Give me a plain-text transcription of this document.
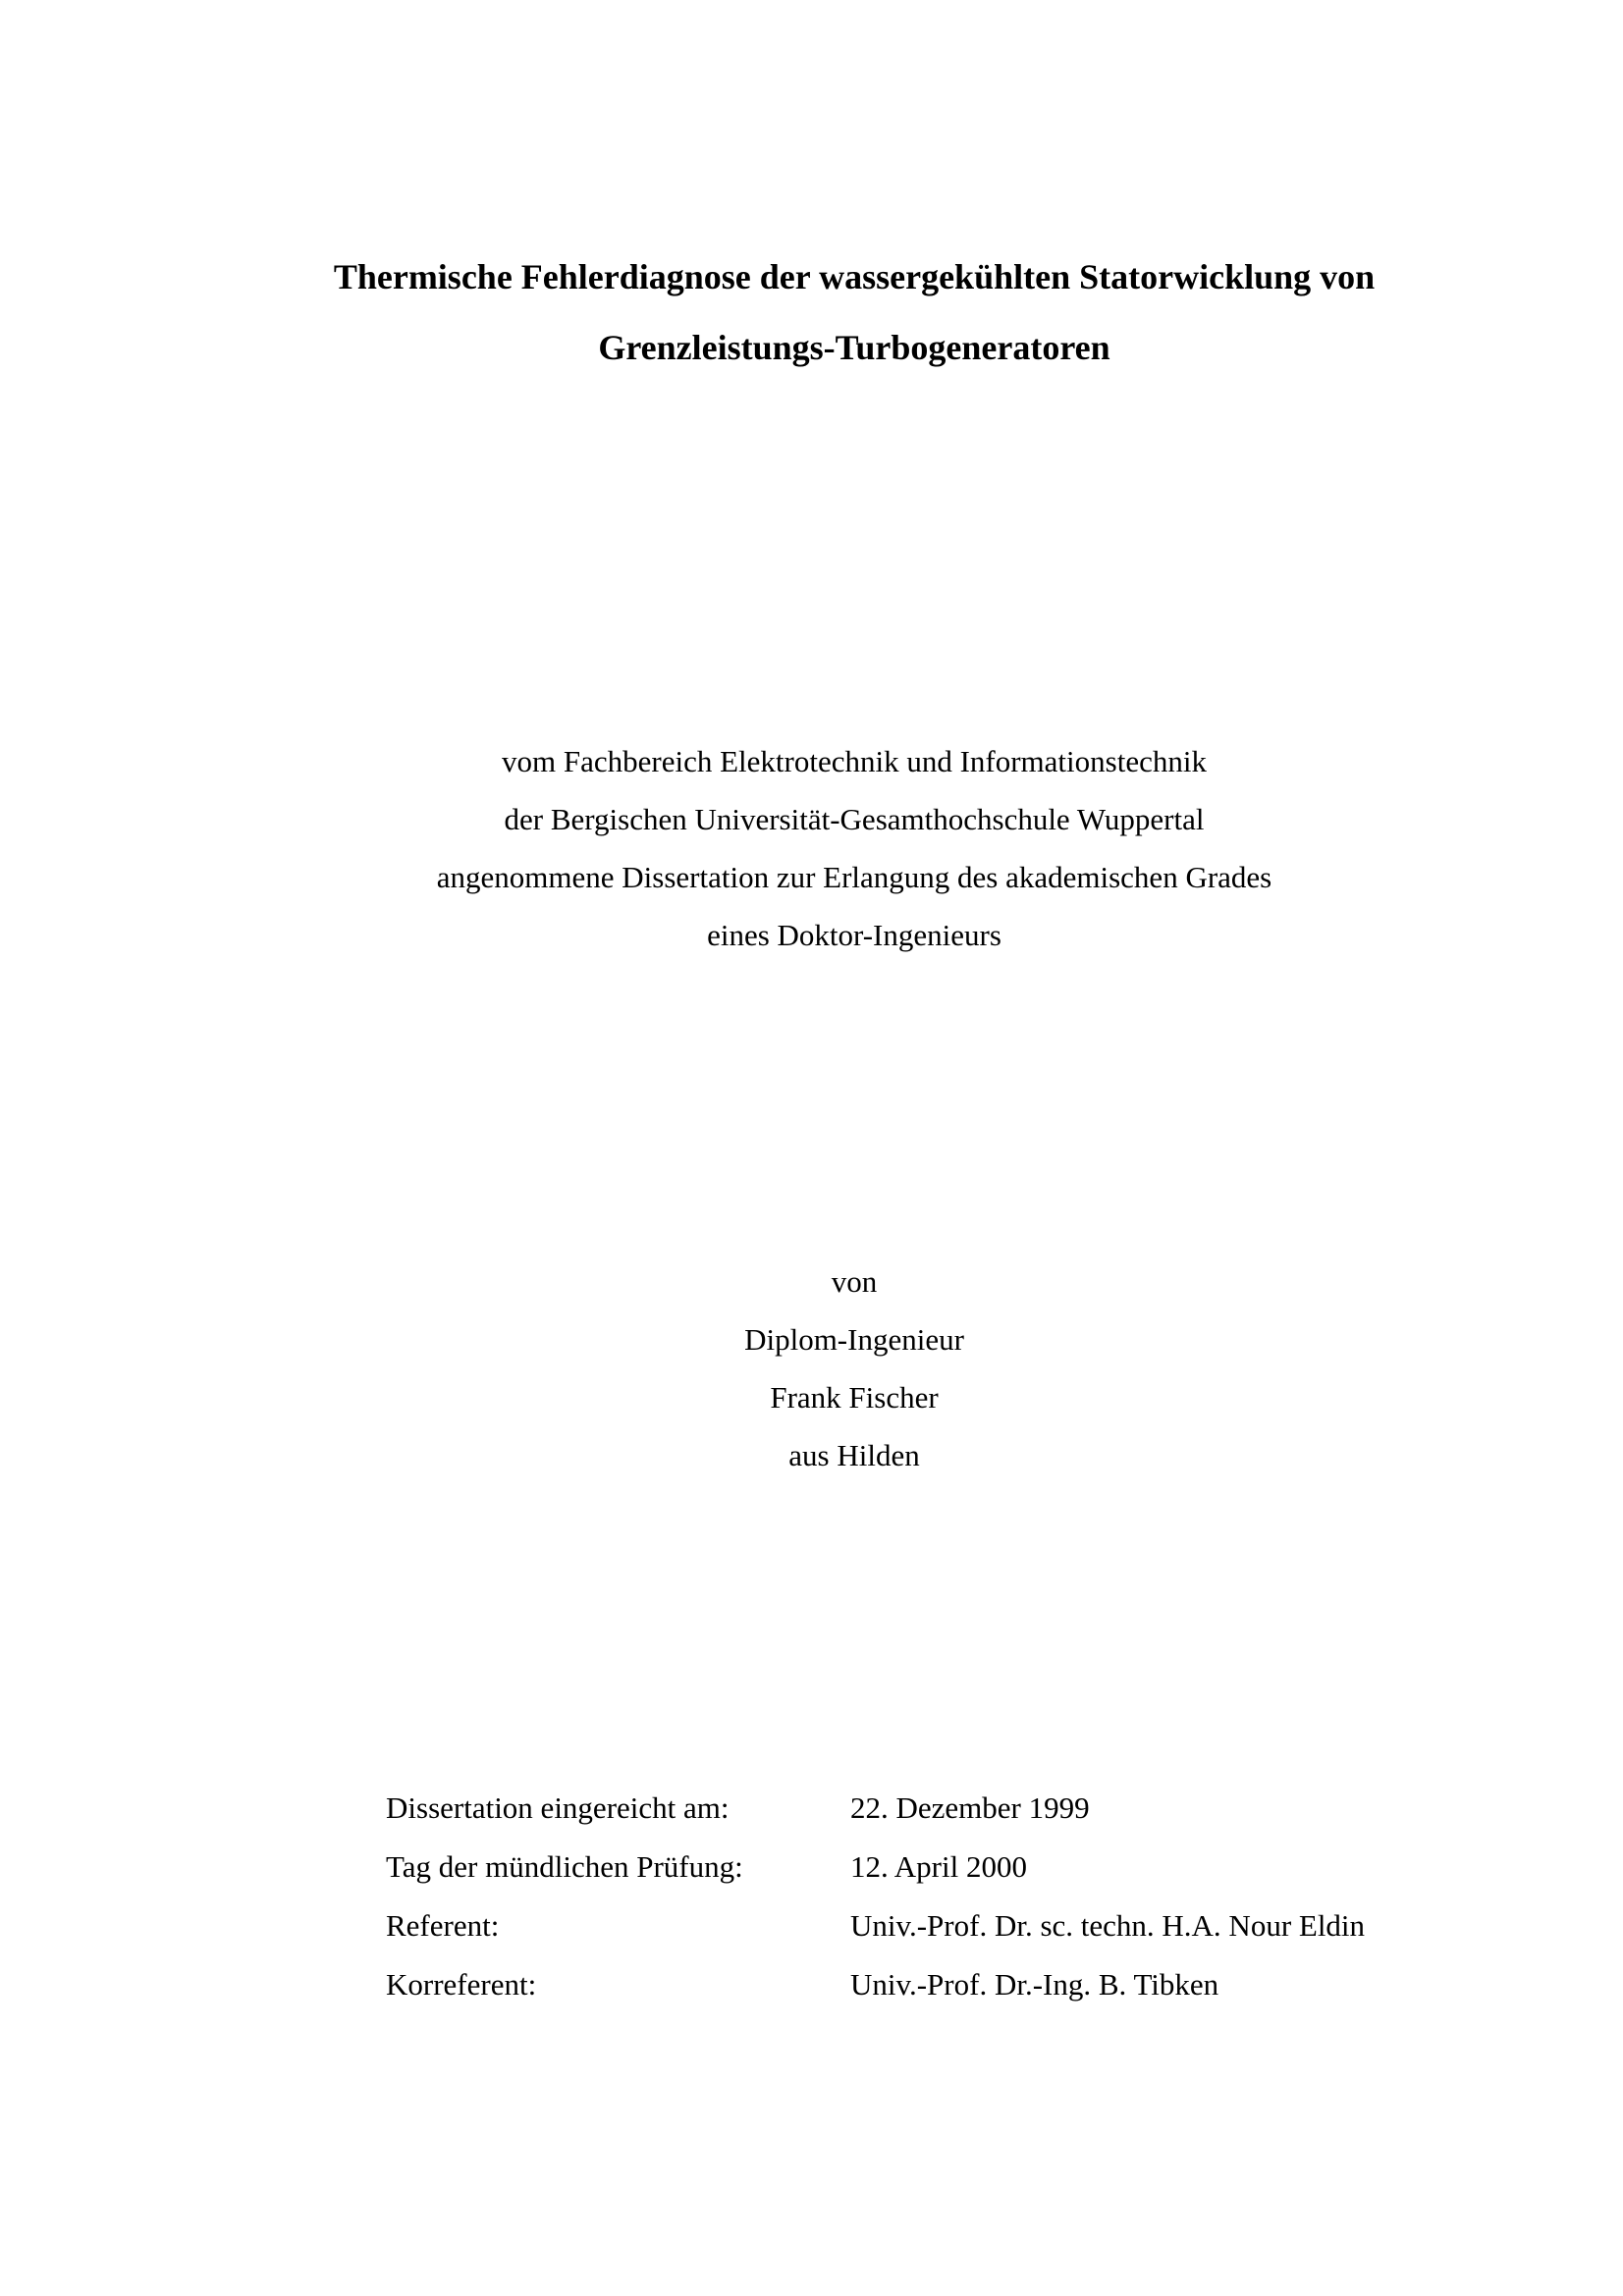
Thermische Fehlerdiagnose der wassergekühlten Statorwicklung von
Grenzleistungs-Turbogeneratoren
vom Fachbereich Elektrotechnik und Informationstechnik
der Bergischen Universität-Gesamthochschule Wuppertal
angenommene Dissertation zur Erlangung des akademischen Grades
eines Doktor-Ingenieurs
von
Diplom-Ingenieur
Frank Fischer
aus Hilden
Dissertation eingereicht am:	22. Dezember 1999
Tag der mündlichen Prüfung:	12. April 2000
Referent:	Univ.-Prof. Dr. sc. techn. H.A. Nour Eldin
Korreferent:	Univ.-Prof. Dr.-Ing. B. Tibken
